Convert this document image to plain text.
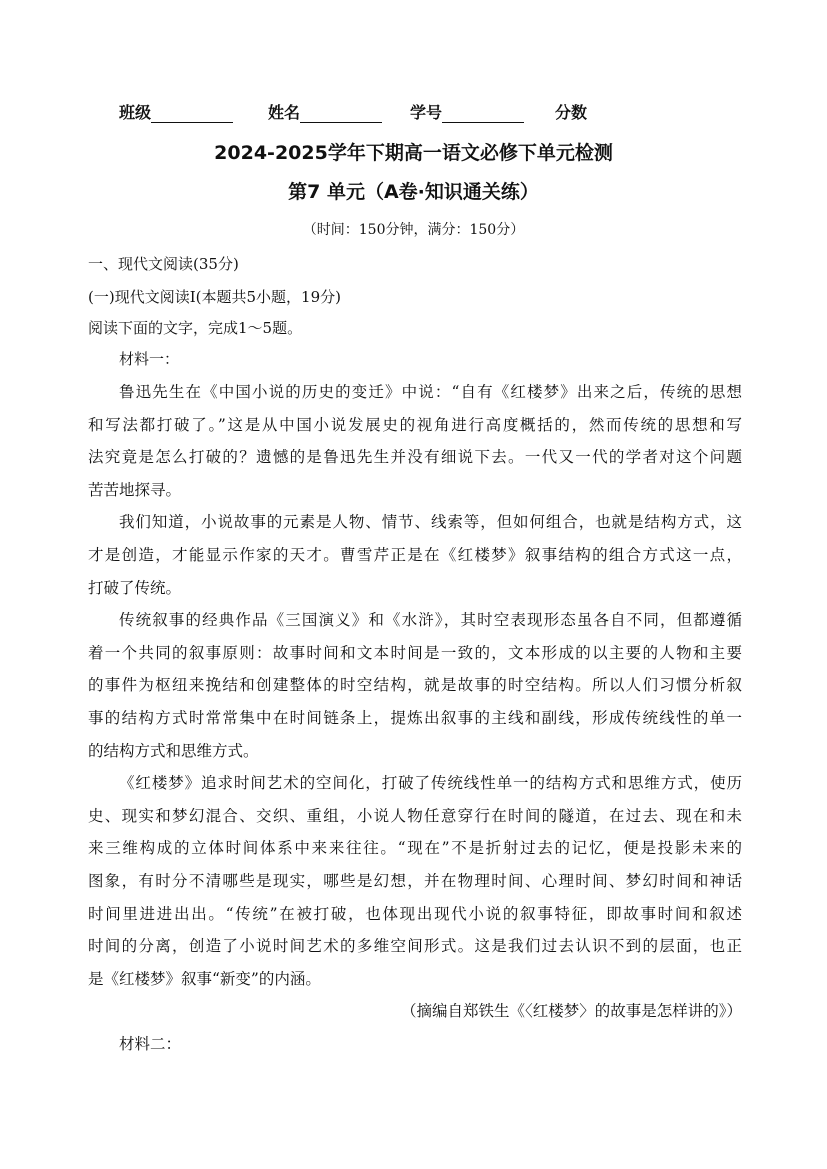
班级	姓名	学号	分数
2024-2025学年下期高一语文必修下单元检测
第7 单元（A卷·知识通关练）
（时间：150分钟，满分：150分）
一、现代文阅读(35分)
(一)现代文阅读Ⅰ(本题共5小题，19分)
阅读下面的文字，完成1～5题。
材料一：
鲁迅先生在《中国小说的历史的变迁》中说：“自有《红楼梦》出来之后，传统的思想
和写法都打破了。”这是从中国小说发展史的视角进行高度概括的，然而传统的思想和写
法究竟是怎么打破的？遗憾的是鲁迅先生并没有细说下去。一代又一代的学者对这个问题
苦苦地探寻。
我们知道，小说故事的元素是人物、情节、线索等，但如何组合，也就是结构方式，这
才是创造，才能显示作家的天才。曹雪芹正是在《红楼梦》叙事结构的组合方式这一点，
打破了传统。
传统叙事的经典作品《三国演义》和《水浒》，其时空表现形态虽各自不同，但都遵循
着一个共同的叙事原则：故事时间和文本时间是一致的，文本形成的以主要的人物和主要
的事件为枢纽来挽结和创建整体的时空结构，就是故事的时空结构。所以人们习惯分析叙
事的结构方式时常常集中在时间链条上，提炼出叙事的主线和副线，形成传统线性的单一
的结构方式和思维方式。
《红楼梦》追求时间艺术的空间化，打破了传统线性单一的结构方式和思维方式，使历
史、现实和梦幻混合、交织、重组，小说人物任意穿行在时间的隧道，在过去、现在和未
来三维构成的立体时间体系中来来往往。“现在”不是折射过去的记忆，便是投影未来的
图象，有时分不清哪些是现实，哪些是幻想，并在物理时间、心理时间、梦幻时间和神话
时间里进进出出。“传统”在被打破，也体现出现代小说的叙事特征，即故事时间和叙述
时间的分离，创造了小说时间艺术的多维空间形式。这是我们过去认识不到的层面，也正
是《红楼梦》叙事“新变”的内涵。
（摘编自郑铁生《〈红楼梦〉的故事是怎样讲的》）
材料二：
